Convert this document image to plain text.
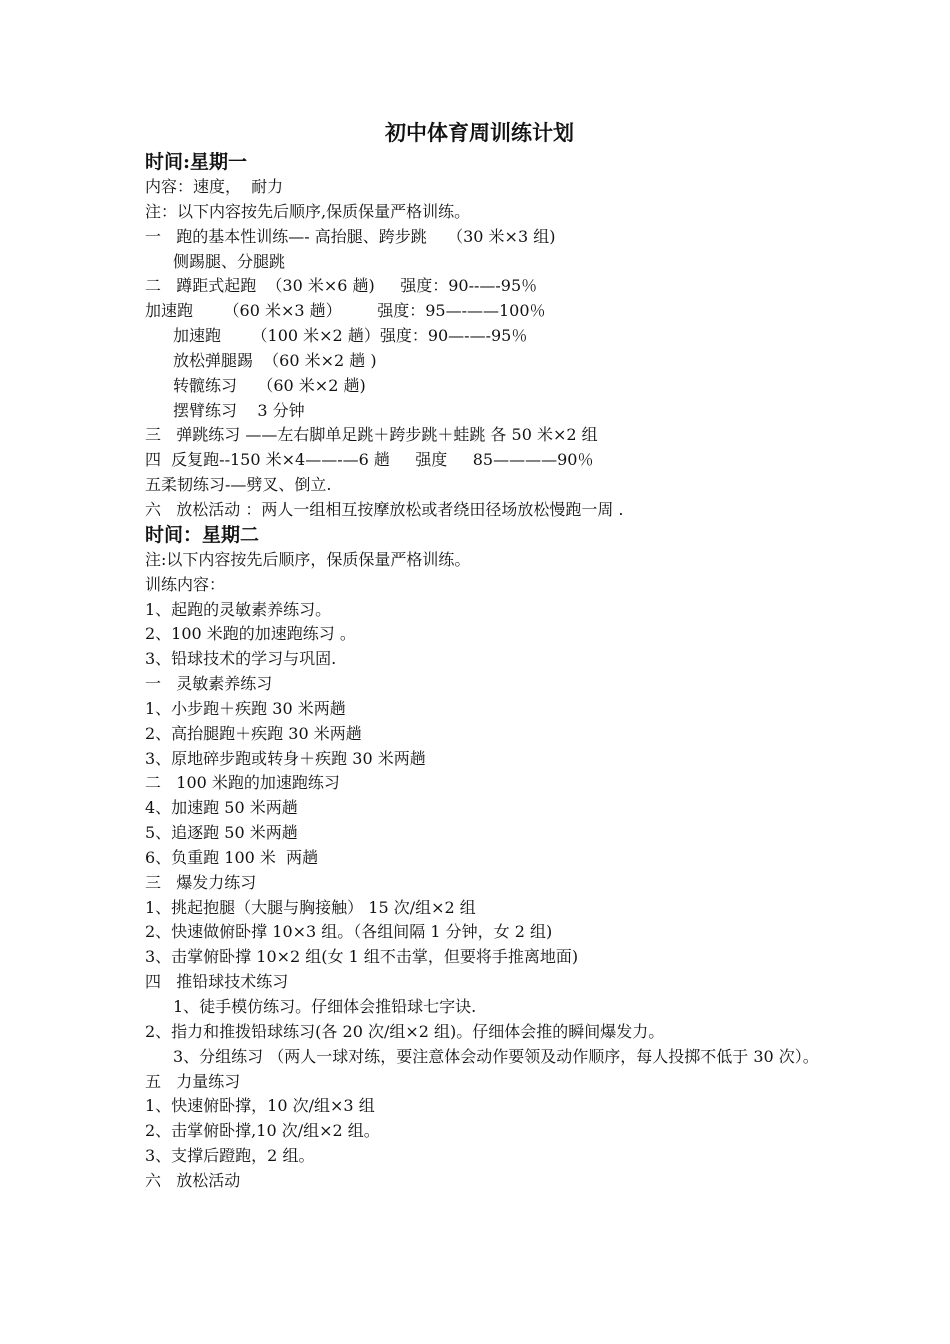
初中体育周训练计划
时间:星期一
内容：速度，  耐力
注：以下内容按先后顺序,保质保量严格训练。
一   跑的基本性训练—- 高抬腿、跨步跳    （30 米×3 组)
侧踢腿、分腿跳
二   蹲距式起跑  （30 米×6 趟)     强度：90--—-95％
加速跑      （60 米×3 趟）       强度：95—-——100％
加速跑      （100 米×2 趟）强度：90—-—-95％
放松弹腿踢  （60 米×2 趟 )
转髋练习    （60 米×2 趟)
摆臂练习    3 分钟
三   弹跳练习 ——左右脚单足跳＋跨步跳＋蛙跳 各 50 米×2 组
四  反复跑--150 米×4——-—6 趟     强度     85————90％
五柔韧练习-—劈叉、倒立.
六   放松活动 ：两人一组相互按摩放松或者绕田径场放松慢跑一周 .
时间：星期二
注:以下内容按先后顺序，保质保量严格训练。
训练内容：
1、起跑的灵敏素养练习。
2、100 米跑的加速跑练习 。
3、铅球技术的学习与巩固.
一   灵敏素养练习
1、小步跑＋疾跑 30 米两趟
2、高抬腿跑＋疾跑 30 米两趟
3、原地碎步跑或转身＋疾跑 30 米两趟
二   100 米跑的加速跑练习
4、加速跑 50 米两趟
5、追逐跑 50 米两趟
6、负重跑 100 米  两趟
三   爆发力练习
1、挑起抱腿（大腿与胸接触） 15 次/组×2 组
2、快速做俯卧撑 10×3 组。（各组间隔 1 分钟，女 2 组)
3、击掌俯卧撑 10×2 组(女 1 组不击掌，但要将手推离地面)
四   推铅球技术练习
1、徒手模仿练习。仔细体会推铅球七字诀.
2、指力和推拨铅球练习(各 20 次/组×2 组)。仔细体会推的瞬间爆发力。
3、分组练习 （两人一球对练，要注意体会动作要领及动作顺序，每人投掷不低于 30 次）。
五   力量练习
1、快速俯卧撑，10 次/组×3 组
2、击掌俯卧撑,10 次/组×2 组。
3、支撑后蹬跑，2 组。
六   放松活动
